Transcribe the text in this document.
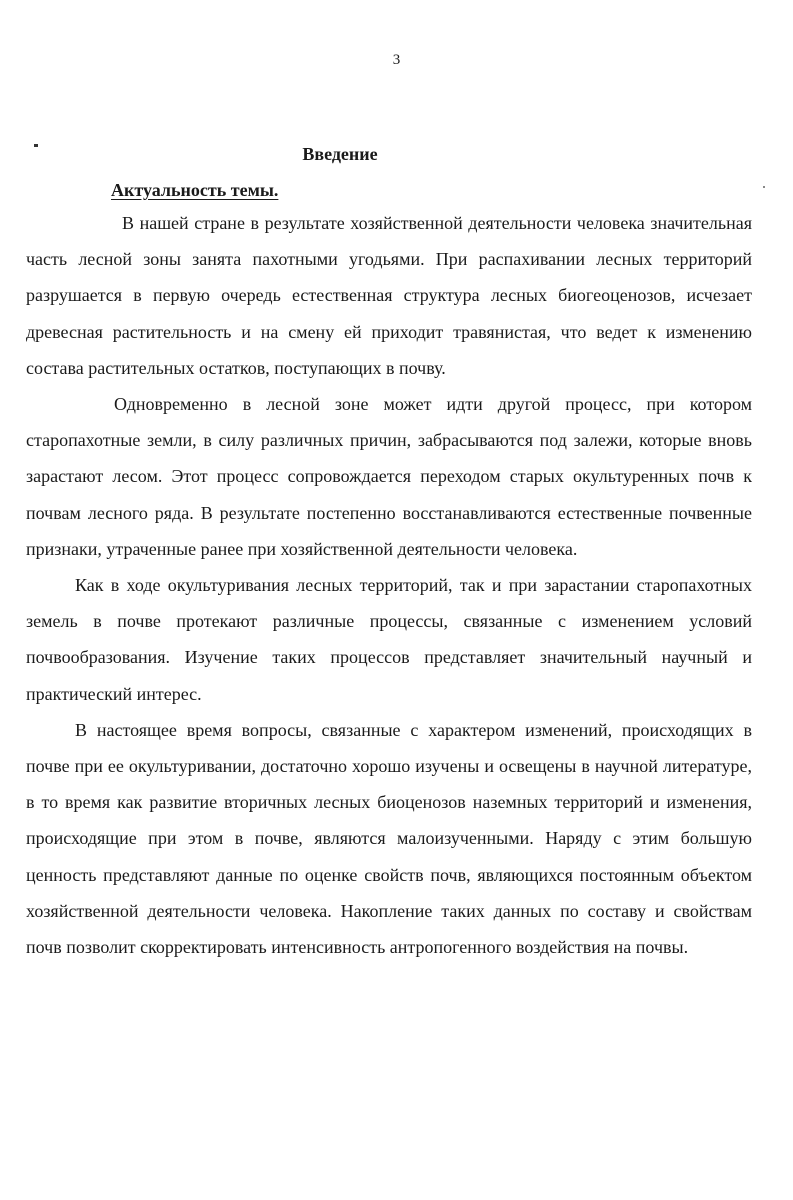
3
Введение
Актуальность темы.

В нашей стране в результате хозяйственной деятельности человека значительная часть лесной зоны занята пахотными угодьями. При распахивании лесных территорий разрушается в первую очередь естественная структура лесных биогеоценозов, исчезает древесная растительность и на смену ей приходит травянистая, что ведет к изменению состава растительных остатков, поступающих в почву.

Одновременно в лесной зоне может идти другой процесс, при котором старопахотные земли, в силу различных причин, забрасываются под залежи, которые вновь зарастают лесом. Этот процесс сопровождается переходом старых окультуренных почв к почвам лесного ряда. В результате постепенно восстанавливаются естественные почвенные признаки, утраченные ранее при хозяйственной деятельности человека.

Как в ходе окультуривания лесных территорий, так и при зарастании старопахотных земель в почве протекают различные процессы, связанные с изменением условий почвообразования. Изучение таких процессов представляет значительный научный и практический интерес.

В настоящее время вопросы, связанные с характером изменений, происходящих в почве при ее окультуривании, достаточно хорошо изучены и освещены в научной литературе, в то время как развитие вторичных лесных биоценозов наземных территорий и изменения, происходящие при этом в почве, являются малоизученными. Наряду с этим большую ценность представляют данные по оценке свойств почв, являющихся постоянным объектом хозяйственной деятельности человека. Накопление таких данных по составу и свойствам почв позволит скорректировать интенсивность антропогенного воздействия на почвы.
